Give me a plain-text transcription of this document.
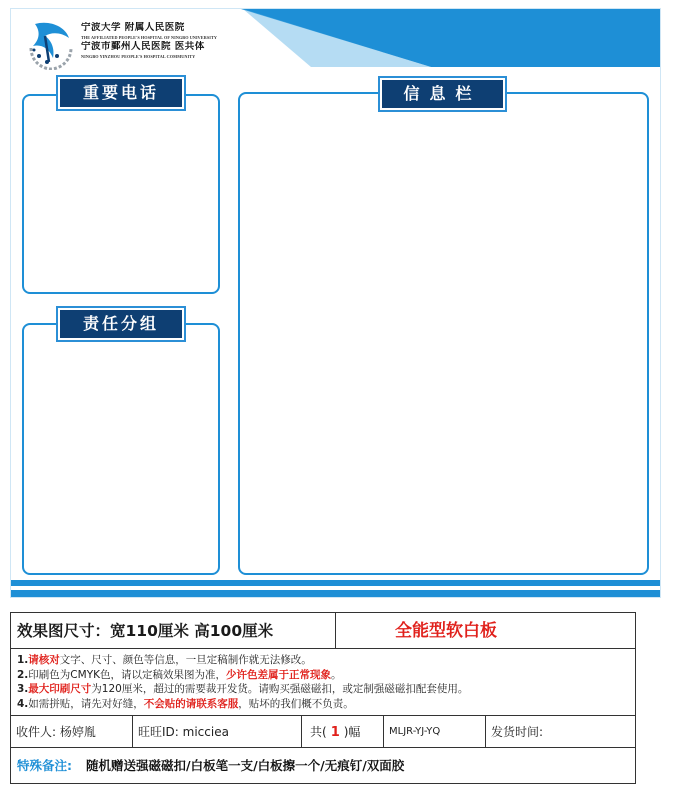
宁波大学 附属人民医院
THE AFFILIATED PEOPLE'S HOSPITAL OF NINGBO UNIVERSITY
宁波市鄞州人民医院 医共体
NINGBO YINZHOU PEOPLE'S HOSPITAL COMMUNITY
重要电话
责任分组
信息栏
效果图尺寸：宽110厘米 高100厘米	全能型软白板
1.请核对文字、尺寸、颜色等信息，一旦定稿制作就无法修改。
2.印刷色为CMYK色，请以定稿效果图为准，少许色差属于正常现象。
3.最大印刷尺寸为120厘米，超过的需要裁开发货。请购买强磁磁扣，或定制强磁磁扣配套使用。
4.如需拼贴，请先对好缝，不会贴的请联系客服，贴坏的我们概不负责。
收件人: 杨婷胤	旺旺ID: micciea	共( 1 )幅	MLJR-YJ-YQ	发货时间:
特殊备注: 随机赠送强磁磁扣/白板笔一支/白板擦一个/无痕钉/双面胶
